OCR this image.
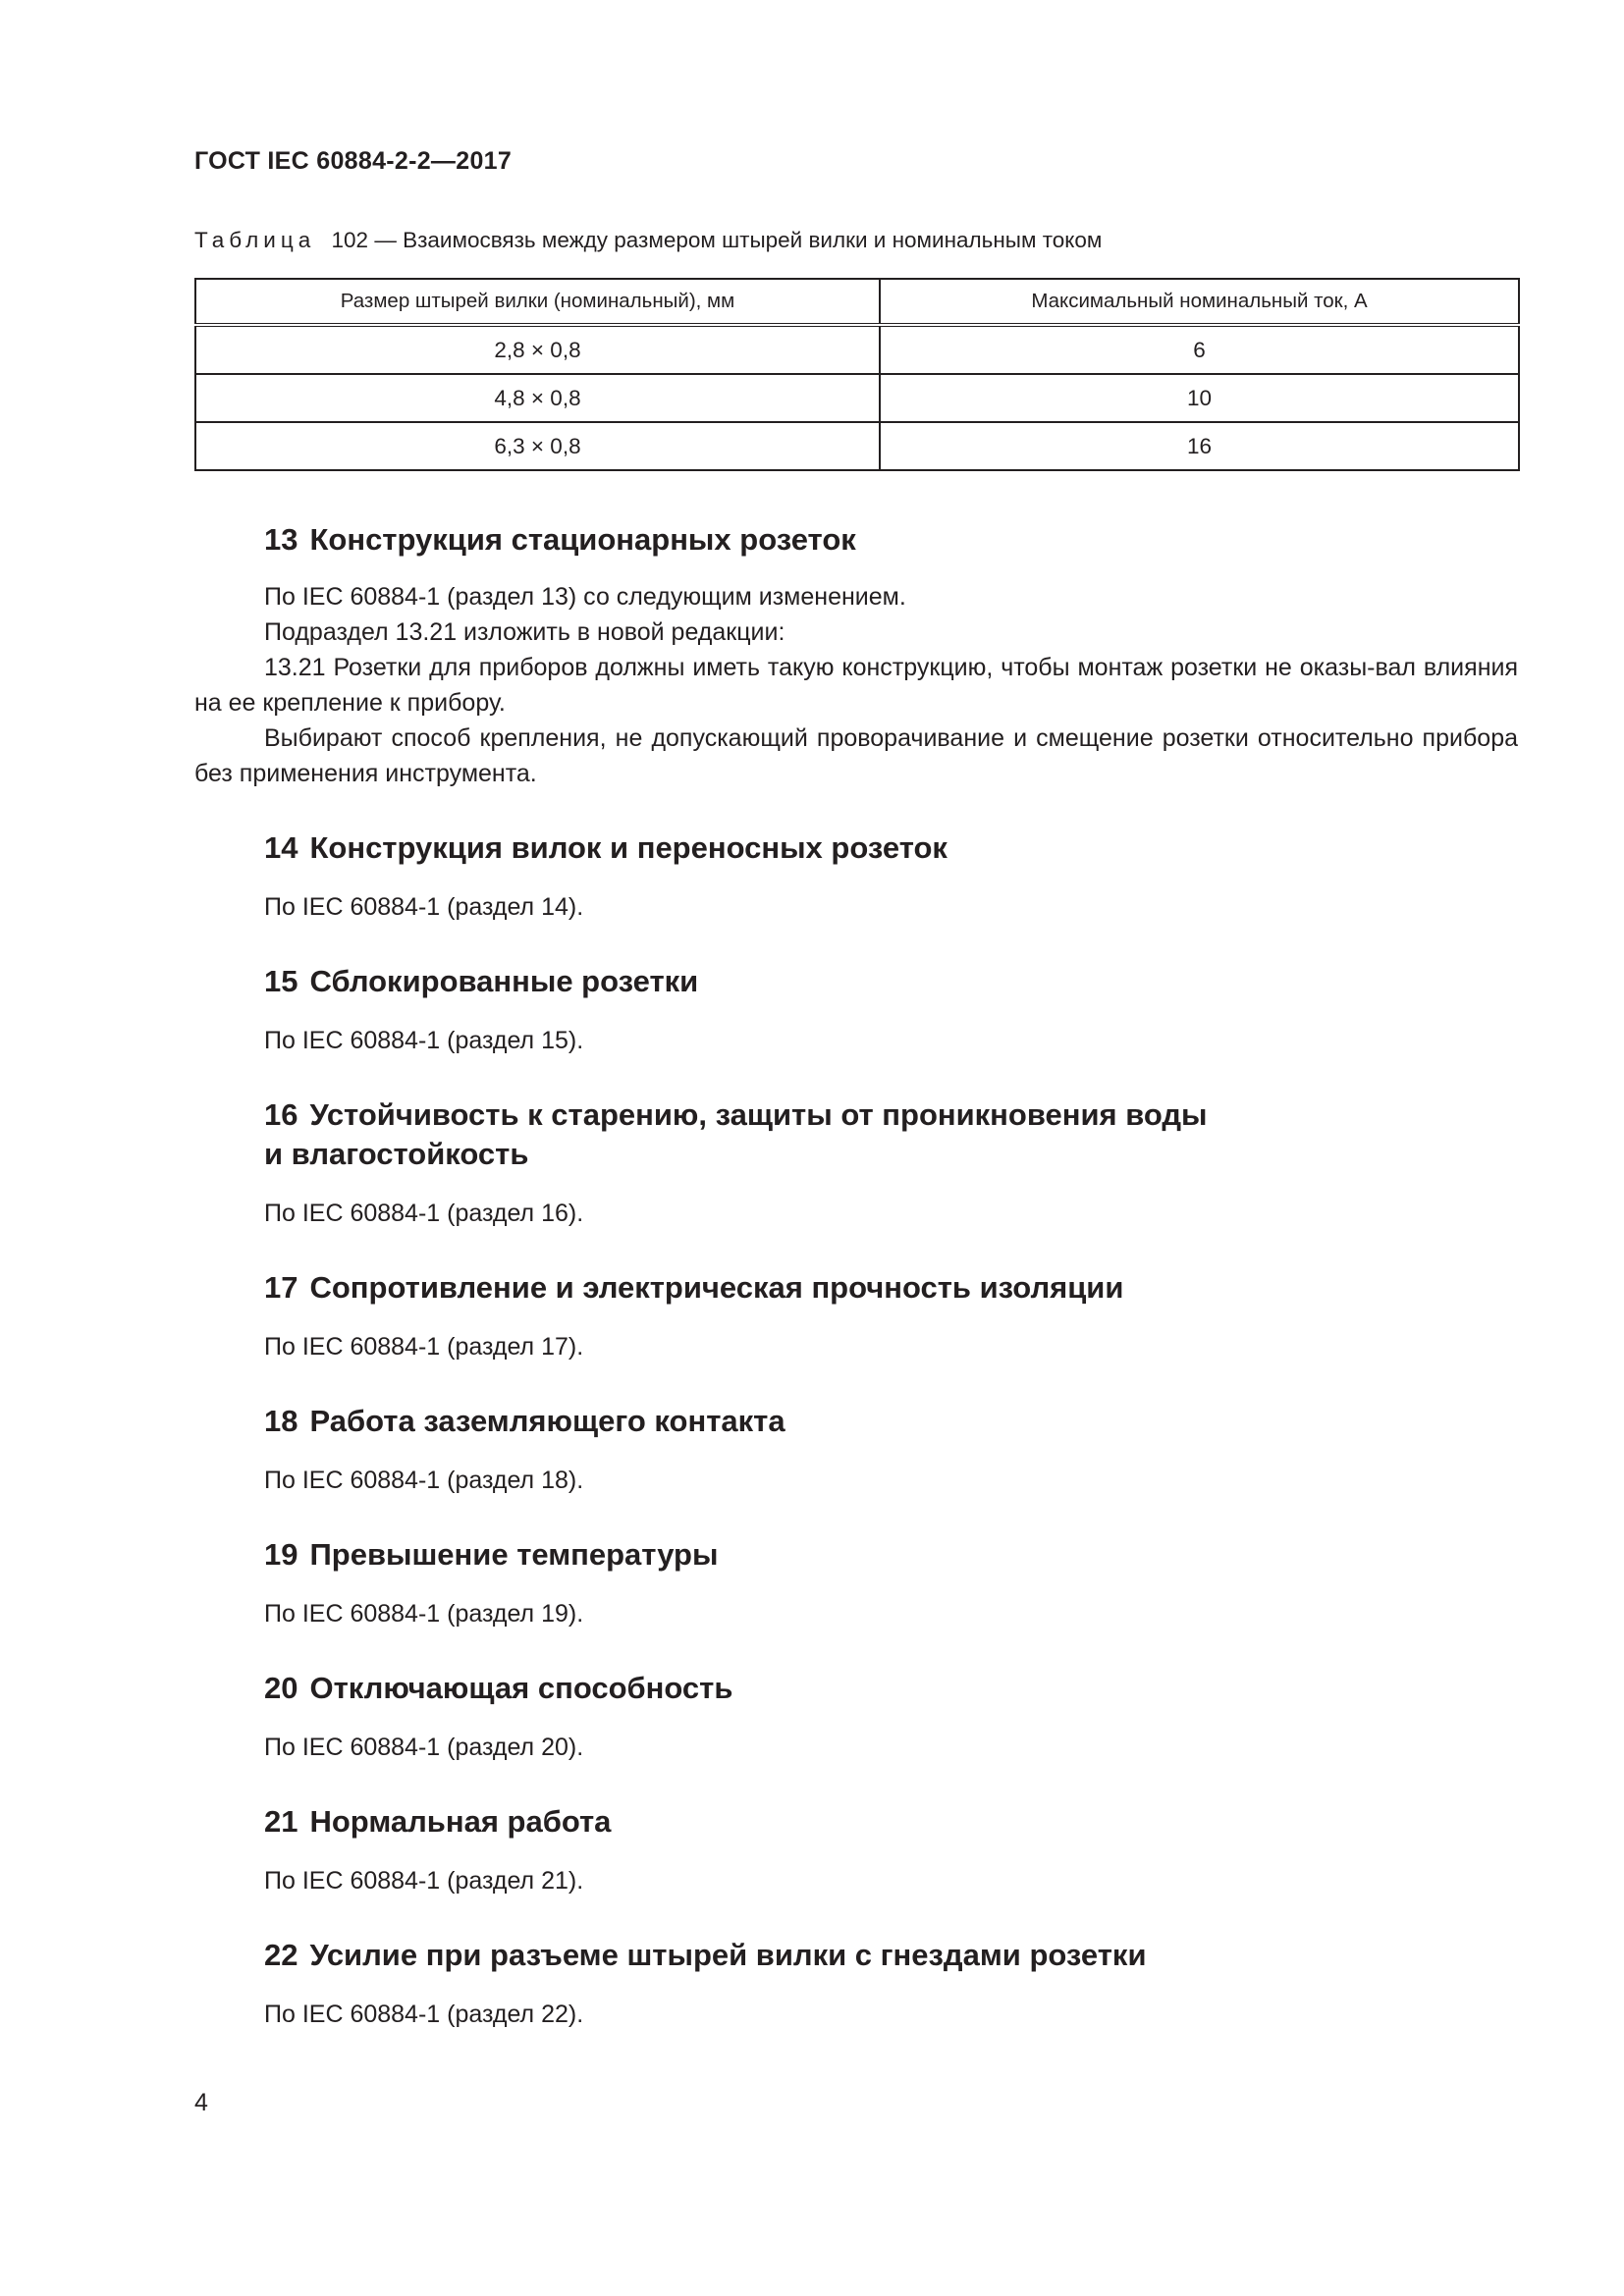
ГОСТ IEC 60884-2-2—2017
Таблица 102 — Взаимосвязь между размером штырей вилки и номинальным током
Размер штырей вилки (номинальный), мм	Максимальный номинальный ток, А
2,8 × 0,8	6
4,8 × 0,8	10
6,3 × 0,8	16
13 Конструкция стационарных розеток

По IEC 60884-1 (раздел 13) со следующим изменением.

Подраздел 13.21 изложить в новой редакции:

13.21 Розетки для приборов должны иметь такую конструкцию, чтобы монтаж розетки не оказы-вал влияния на ее крепление к прибору.

Выбирают способ крепления, не допускающий проворачивание и смещение розетки относительно прибора без применения инструмента.

14 Конструкция вилок и переносных розеток

По IEC 60884-1 (раздел 14).

15 Сблокированные розетки

По IEC 60884-1 (раздел 15).

16 Устойчивость к старению, защиты от проникновения воды
и влагостойкость

По IEC 60884-1 (раздел 16).

17 Сопротивление и электрическая прочность изоляции

По IEC 60884-1 (раздел 17).

18 Работа заземляющего контакта

По IEC 60884-1 (раздел 18).

19 Превышение температуры

По IEC 60884-1 (раздел 19).

20 Отключающая способность

По IEC 60884-1 (раздел 20).

21 Нормальная работа

По IEC 60884-1 (раздел 21).

22 Усилие при разъеме штырей вилки с гнездами розетки

По IEC 60884-1 (раздел 22).

4
